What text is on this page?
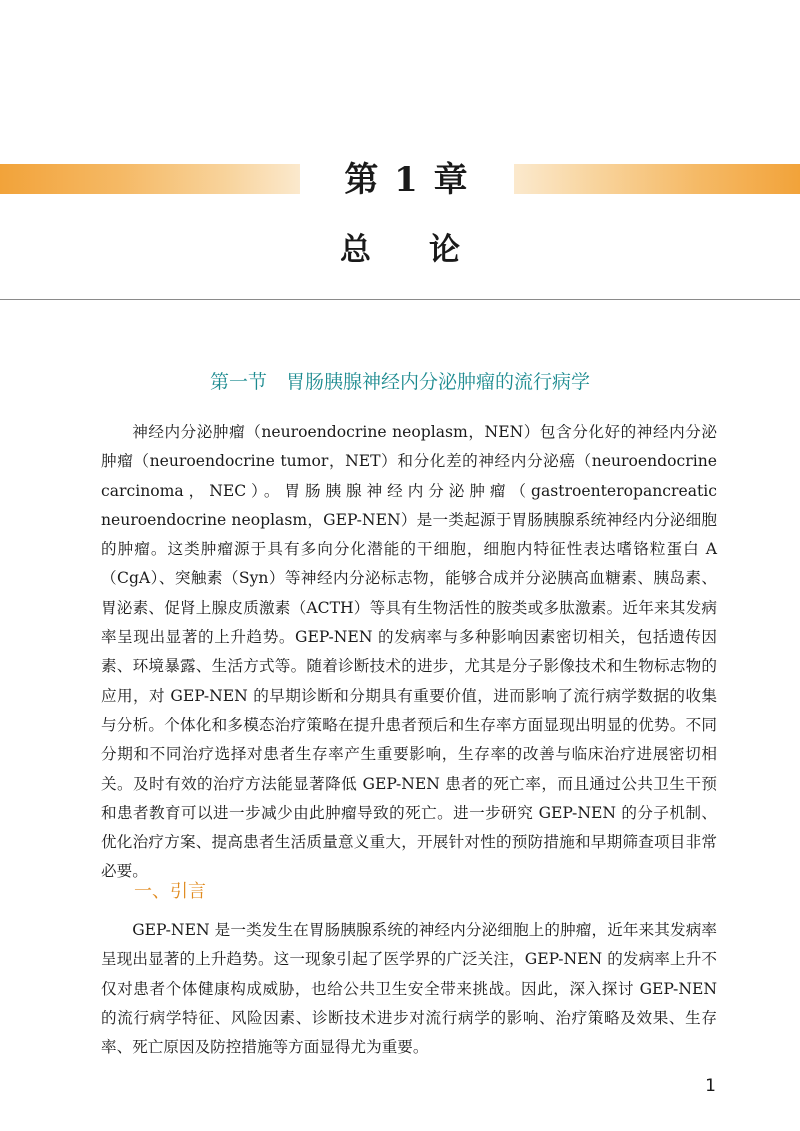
第 1 章
总论
第一节　胃肠胰腺神经内分泌肿瘤的流行病学

神经内分泌肿瘤（neuroendocrine neoplasm，NEN）包含分化好的神经内分泌肿瘤（neuroendocrine tumor，NET）和分化差的神经内分泌癌（neuroendocrine carcinoma，NEC）。胃肠胰腺神经内分泌肿瘤（gastroenteropancreatic neuroendocrine neoplasm，GEP-NEN）是一类起源于胃肠胰腺系统神经内分泌细胞的肿瘤。这类肿瘤源于具有多向分化潜能的干细胞，细胞内特征性表达嗜铬粒蛋白 A（CgA）、突触素（Syn）等神经内分泌标志物，能够合成并分泌胰高血糖素、胰岛素、胃泌素、促肾上腺皮质激素（ACTH）等具有生物活性的胺类或多肽激素。近年来其发病率呈现出显著的上升趋势。GEP-NEN 的发病率与多种影响因素密切相关，包括遗传因素、环境暴露、生活方式等。随着诊断技术的进步，尤其是分子影像技术和生物标志物的应用，对 GEP-NEN 的早期诊断和分期具有重要价值，进而影响了流行病学数据的收集与分析。个体化和多模态治疗策略在提升患者预后和生存率方面显现出明显的优势。不同分期和不同治疗选择对患者生存率产生重要影响，生存率的改善与临床治疗进展密切相关。及时有效的治疗方法能显著降低 GEP-NEN 患者的死亡率，而且通过公共卫生干预和患者教育可以进一步减少由此肿瘤导致的死亡。进一步研究 GEP-NEN 的分子机制、优化治疗方案、提高患者生活质量意义重大，开展针对性的预防措施和早期筛查项目非常必要。

一、引言

GEP-NEN 是一类发生在胃肠胰腺系统的神经内分泌细胞上的肿瘤，近年来其发病率呈现出显著的上升趋势。这一现象引起了医学界的广泛关注，GEP-NEN 的发病率上升不仅对患者个体健康构成威胁，也给公共卫生安全带来挑战。因此，深入探讨 GEP-NEN 的流行病学特征、风险因素、诊断技术进步对流行病学的影响、治疗策略及效果、生存率、死亡原因及防控措施等方面显得尤为重要。

1
